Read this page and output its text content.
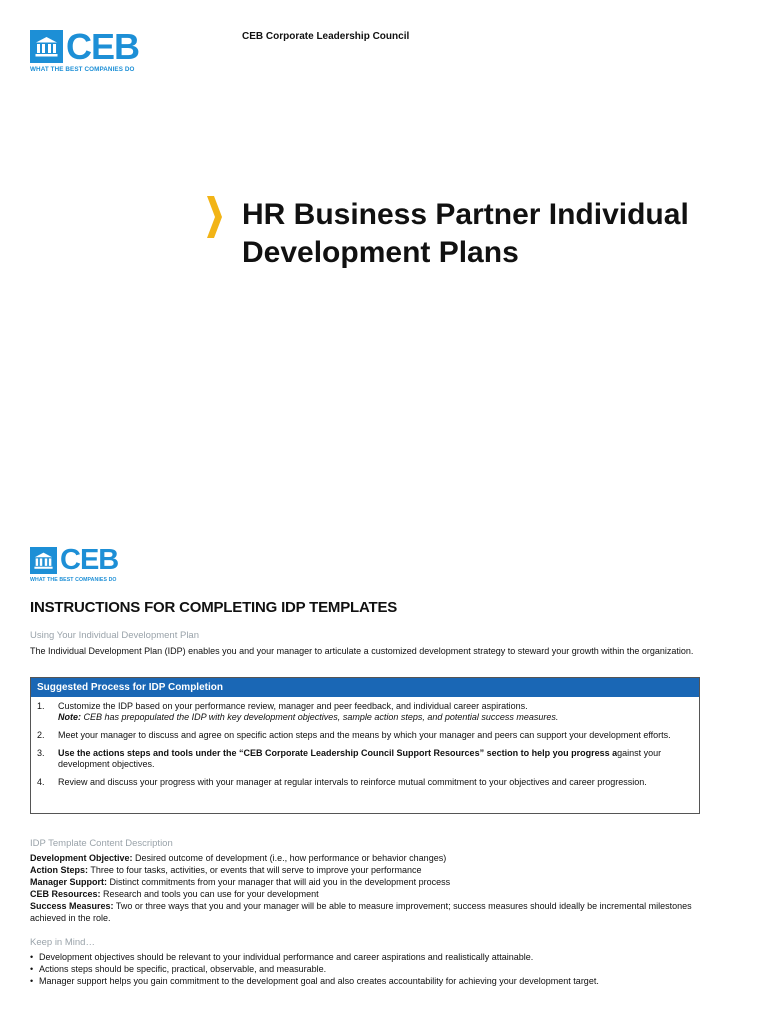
CEB
WHAT THE BEST COMPANIES DO
CEB Corporate Leadership Council
HR Business Partner Individual
Development Plans
CEB
WHAT THE BEST COMPANIES DO
INSTRUCTIONS FOR COMPLETING IDP TEMPLATES
Using Your Individual Development Plan
The Individual Development Plan (IDP) enables you and your manager to articulate a customized development strategy to steward your growth within the organization.
Suggested Process for IDP Completion
1.	Customize the IDP based on your performance review, manager and peer feedback, and individual career aspirations.
Note: CEB has prepopulated the IDP with key development objectives, sample action steps, and potential success measures.
2.	Meet your manager to discuss and agree on specific action steps and the means by which your manager and peers can support your development efforts.
3.	Use the actions steps and tools under the “CEB Corporate Leadership Council Support Resources” section to help you progress against your development objectives.
4.	Review and discuss your progress with your manager at regular intervals to reinforce mutual commitment to your objectives and career progression.
IDP Template Content Description
Development Objective: Desired outcome of development (i.e., how performance or behavior changes)
Action Steps: Three to four tasks, activities, or events that will serve to improve your performance
Manager Support: Distinct commitments from your manager that will aid you in the development process
CEB Resources: Research and tools you can use for your development
Success Measures: Two or three ways that you and your manager will be able to measure improvement; success measures should ideally be incremental milestones achieved in the role.
Keep in Mind…
• Development objectives should be relevant to your individual performance and career aspirations and realistically attainable.
• Actions steps should be specific, practical, observable, and measurable.
• Manager support helps you gain commitment to the development goal and also creates accountability for achieving your development target.
